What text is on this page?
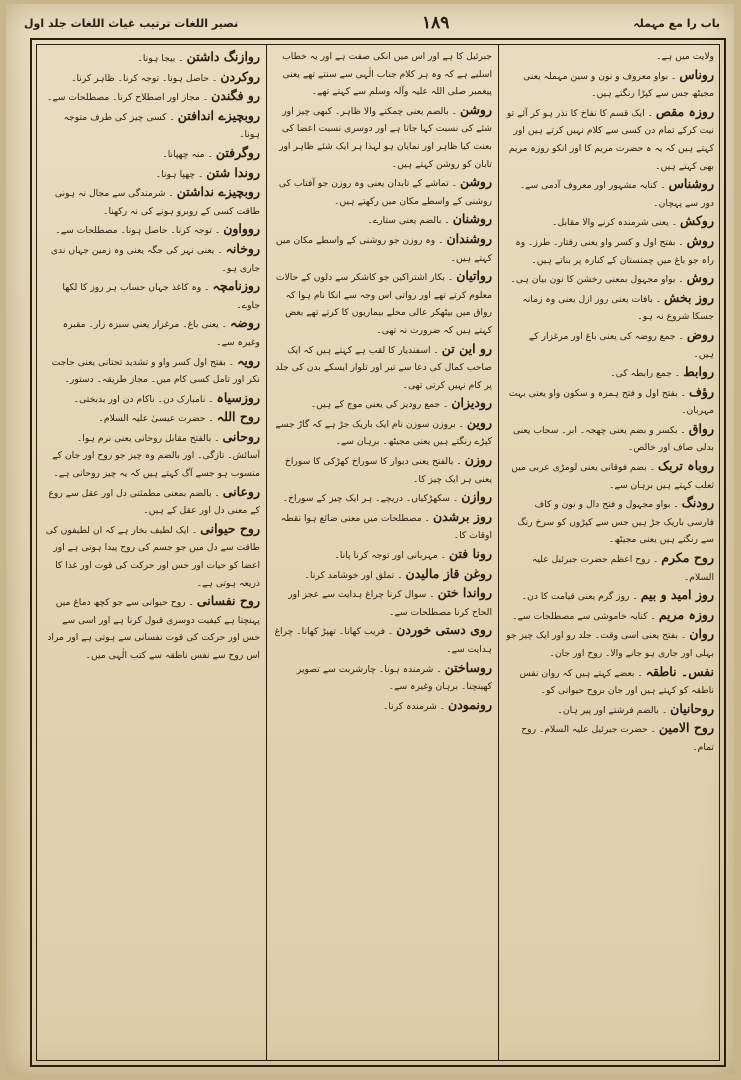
نصیر اللغات ترتیب غیاث اللغات جلد اول	۱۸۹	باب را مع مہملہ

ولایت میں ہے۔

روناس ۔ بواو معروف و نون و سین مہملہ یعنی مجیٹھ جس سے کپڑا رنگتے ہیں۔

روزہ مقص ۔ ایک قسم کا نفاخ کا نذر ہو کر آئے تو نیت کرکے تمام دن کسی سے کلام نہیں کرتے ہیں اور کہتے ہیں کہ یہ ہ حضرت مریم کا اور انکو روزہ مریم بھی کہتے ہیں۔

روشناس ۔ کنایہ مشہور اور معروف آدمی سے۔

دور سے پہچان۔

روکش ۔ یعنی شرمندہ کرنے والا مقابل۔

روش ۔ بفتح اول و کسر واو یعنی رفتار۔ طرز۔ وہ راہ جو باغ میں چمنستان کے کنارہ پر بناتے ہیں۔

روش ۔ بواو مجہول بمعنی رخشن کا نون بیان ہی۔

روز بخش ۔ بافات یعنی روز ازل یعنی وہ زمانہ جسکا شروع نہ ہو۔

روض ۔ جمع روضہ کی یعنی باغ اور مرغزار کے ہیں۔

روابط ۔ جمع رابطہ کی۔

رؤف ۔ بفتح اول و فتح ہمزہ و سکون واو یعنی بہت مہربان۔

رواق ۔ بکسر و بضم یعنی چھجہ۔ ابر۔ سحاب یعنی بدلی صاف اور خالص۔

روباہ تربک ۔ بضم فوقانی یعنی لومڑی عربی میں ثعلب کہتے ہیں برہان سے۔

رودنگ ۔ بواو مجہول و فتح دال و نون و کاف فارسی باریک جڑ ہیں جس سے کپڑوں کو سرخ رنگ سے رنگتے ہیں یعنی مجیٹھ۔

روح مکرم ۔ روح اعظم حضرت جبرئیل علیہ السلام۔

روز امید و بیم ۔ روز گرم یعنی قیامت کا دن۔

روزہ مریم ۔ کنایہ خاموشی سے مصطلحات سے۔

روان ۔ بفتح یعنی اسی وقت۔ جلد رو اور ایک چیز جو بہلی اور جاری ہو جانے والا۔ روح اور جان۔

نفس۔ ناطقہ ۔ بعضے کہتے ہیں کہ روان نفس ناطقہ کو کہتے ہیں اور جان بروح حیوانی کو۔

روحانیان ۔ بالضم فرشتے اور پیر ہان۔

روح الامین ۔ حضرت جبرئیل علیہ السلام۔ روح تمام۔

جبرئیل کا ہے اور اس میں انکی صفت ہے اور یہ خطاب اسلیے ہے کہ وہ ہر کلام جناب الٰہی سے سنتے تھے یعنی پیغمبر صلی اللہ علیہ وآلہ وسلم سے کہتے تھے۔

روشن ۔ بالضم یعنی چمکنے والا ظاہر۔ کبھی چیز اور شئے کی نسبت کہا جاتا ہے اور دوسری نسبت اعضا کی بعنت کیا ظاہر اور نمایان ہو لہذا ہر ایک شئے ظاہر اور تابان کو روشن کہتے ہیں۔

روشن ۔ تماشے کے تابدان یعنی وہ روزن جو آفتاب کی روشنی کے واسطے مکان میں رکھتے ہیں۔

روشنان ۔ بالضم یعنی ستارے۔

روشندان ۔ وہ روزن جو روشنی کے واسطے مکان میں کہتے ہیں۔

رواتیان ۔ بکار اشتراکین جو کاشکر سے دلوں کے حالات معلوم کرتے تھے اور رواتی اس وجہ سے انکا نام ہوا کہ رواق میں بیٹھکر عالی محلے بیماریوں کا کرتے تھے بعض کہتے ہیں کہ ضرورت نہ تھی۔

رو این تن ۔ اسفندیار کا لقب ہے کہتے ہیں کہ ایک صاحب کمال کی دعا سے تیر اور تلوار ایسکے بدن کی جلد پر کام نہیں کرتی تھی۔

رودیزان ۔ جمع رودیز کی یعنی موج کے ہیں۔

روین ۔ بروزن سوزن نام ایک باریک جڑ ہے کہ گاڑ جسے کپڑے رنگتے ہیں یعنی مجیٹھ۔ برہان سے۔

روزن ۔ بالفتح یعنی دیوار کا سوراخ کھڑکی کا سوراخ یعنی ہر ایک چیز کا۔

روازن ۔ سکھڑکیاں۔ دریچے۔ ہر ایک چیز کے سوراخ۔

روز برشدن ۔ مصطلحات میں معنی ضائع ہوا نقطہ اوقات کا۔

رونا فتن ۔ مہربانی اور توجہ کرنا پانا۔

روغن قاز مالیدن ۔ تملق اور خوشامد کرنا۔

رواندا ختن ۔ سوال کرنا چراغ ہدایت سے عجز اور الحاح کرنا مصطلحات سے۔

روی دستی خوردن ۔ فریب کھانا۔ تھپڑ کھانا۔ چراغ ہدایت سے۔

روساختن ۔ شرمندہ ہونا۔ چارشربت سے تصویر کھینچنا۔ برہان وغیرہ سے۔

رونمودن ۔ شرمندہ کرنا۔

روازنگ داشتن ۔ بیجا ہونا۔

روکردن ۔ حاصل ہونا۔ توجہ کرنا۔ ظاہر کرنا۔

رو فگندن ۔ مجاز اور اصطلاح کرنا۔ مصطلحات سے۔

روبچیزے اندافتن ۔ کسی چیز کی طرف متوجہ ہونا۔

روگرفتن ۔ منہ چھپانا۔

روندا شتن ۔ چھپا ہونا۔

روبچیزے نداشتن ۔ شرمندگی سے مجال نہ ہونی طاقت کسی کے روبرو ہونے کی نہ رکھنا۔

روواون ۔ توجہ کرنا۔ حاصل ہونا۔ مصطلحات سے۔

روخانہ ۔ یعنی نہر کی جگہ یعنی وہ زمین جہاں ندی جاری ہو۔

روزنامچہ ۔ وہ کاغذ جہاں حساب ہر روز کا لکھا جاوے۔

روضہ ۔ یعنی باغ۔ مرغزار یعنی سبزہ زار۔ مقبرہ وغیرہ سے۔

رویہ ۔ بفتح اول کسر واو و تشدید تحتانی یعنی حاجت نکر اور تامل کسی کام میں۔ مجاز طریقہ۔ دستور۔

روزسیاہ ۔ نامبارک دن۔ ناکام دن اور بدبختی۔

روح اللہ ۔ حضرت عیسیٰ علیہ السلام۔

روحانی ۔ بالفتح مقابل روحانی یعنی نرم ہوا۔ آسائش۔ تازگی۔ اور بالضم وہ چیز جو روح اور جان کے منسوب ہو جسے آگ کہتے ہیں کہ یہ چیز روحانی ہے۔

روعانی ۔ بالضم بمعنی مطمئنی دل اور عقل سے روع کے معنی دل اور عقل کے ہیں۔

روح حیوانی ۔ ایک لطیف بخار ہے کہ ان لطیفوں کی طاقت سے دل میں جو جسم کی روح پیدا ہوتی ہے اور اعضا کو حیات اور حس اور حرکت کی قوت اور غذا کا ذریعہ ہوتی ہے۔

روح نفسانی ۔ روح حیوانی سے جو کچھ دماغ میں پہنچتا ہے کیفیت دوسری قبول کرنا ہے اور اسی سے حس اور حرکت کی قوت نفسانی سے ہوتی ہے اور مراد اس روح سے نفس ناطقہ سے کتب الٰہی میں۔
